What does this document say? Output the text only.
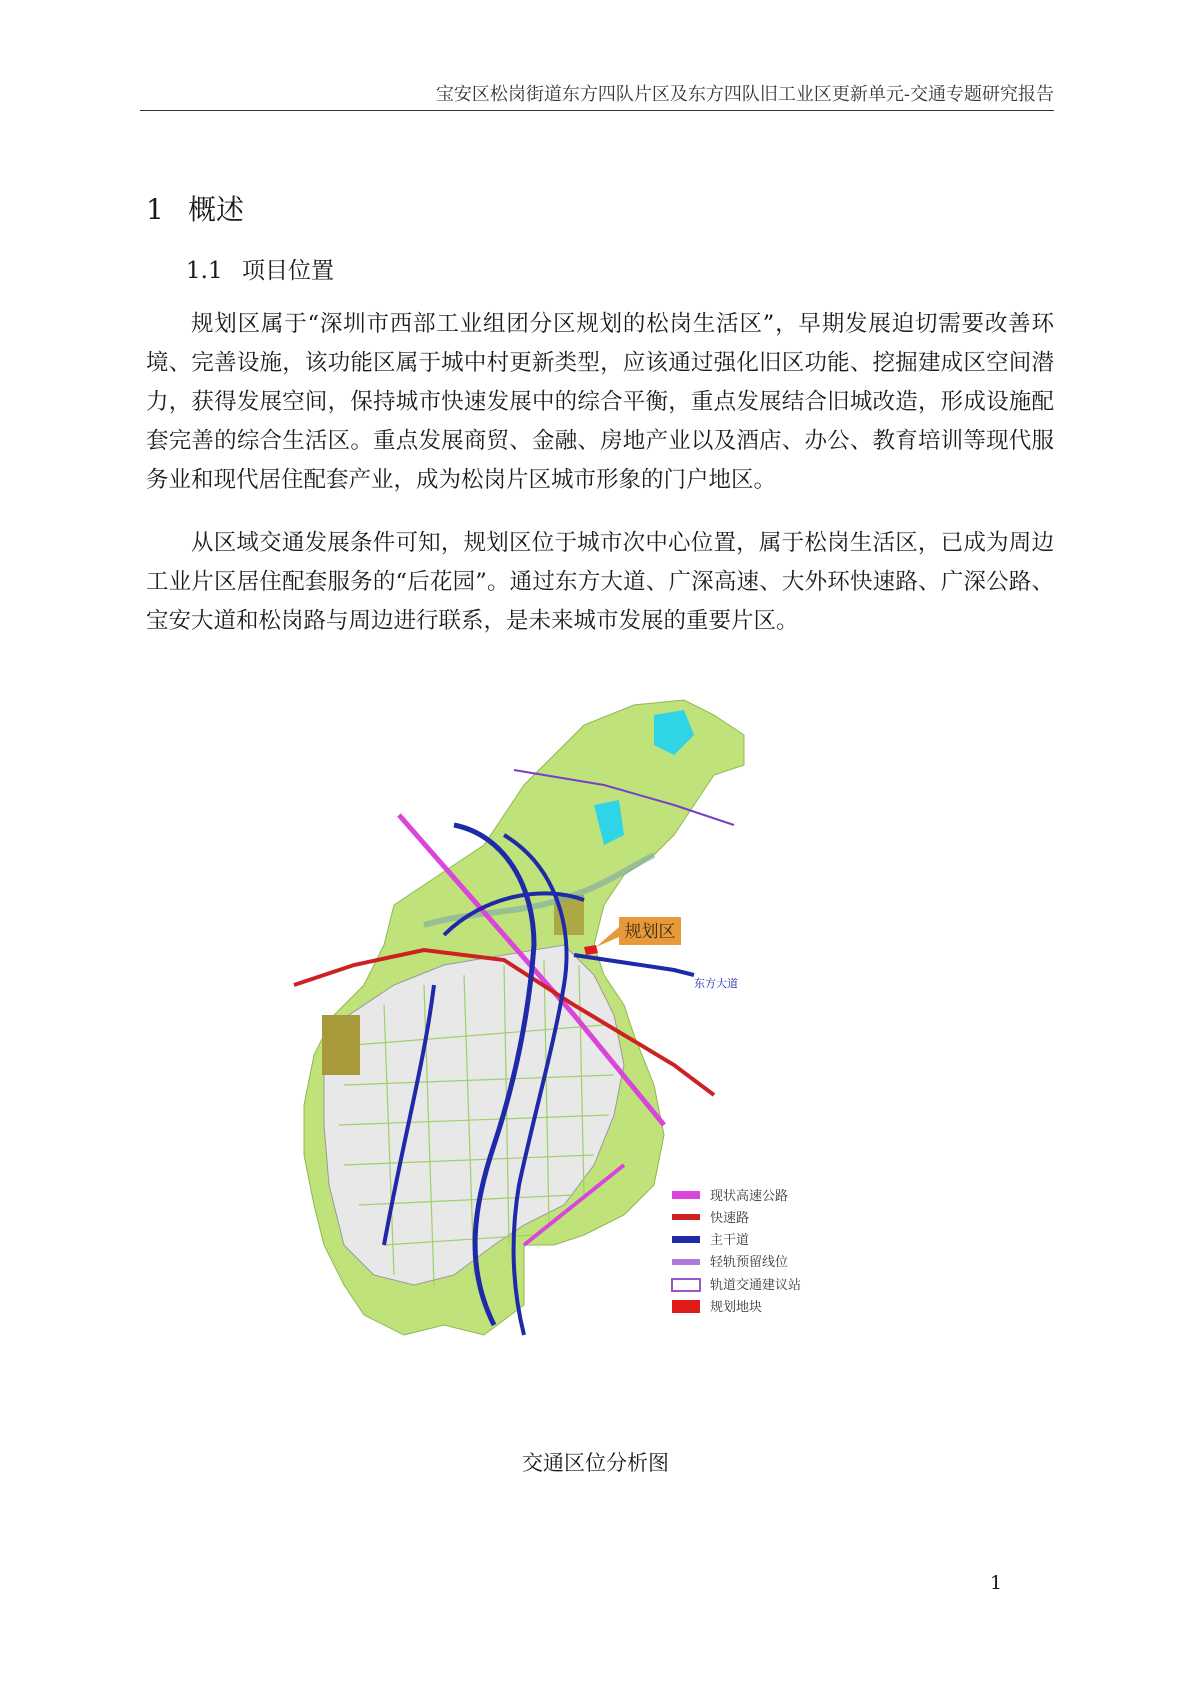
宝安区松岗街道东方四队片区及东方四队旧工业区更新单元-交通专题研究报告
1 概述
1.1 项目位置

规划区属于“深圳市西部工业组团分区规划的松岗生活区”，早期发展迫切需要改善环境、完善设施，该功能区属于城中村更新类型，应该通过强化旧区功能、挖掘建成区空间潜力，获得发展空间，保持城市快速发展中的综合平衡，重点发展结合旧城改造，形成设施配套完善的综合生活区。重点发展商贸、金融、房地产业以及酒店、办公、教育培训等现代服务业和现代居住配套产业，成为松岗片区城市形象的门户地区。

从区域交通发展条件可知，规划区位于城市次中心位置，属于松岗生活区，已成为周边工业片区居住配套服务的“后花园”。通过东方大道、广深高速、大外环快速路、广深公路、宝安大道和松岗路与周边进行联系，是未来城市发展的重要片区。

规划区
东方大道
现状高速公路
快速路
主干道
轻轨预留线位
轨道交通建议站
规划地块
交通区位分析图
1
